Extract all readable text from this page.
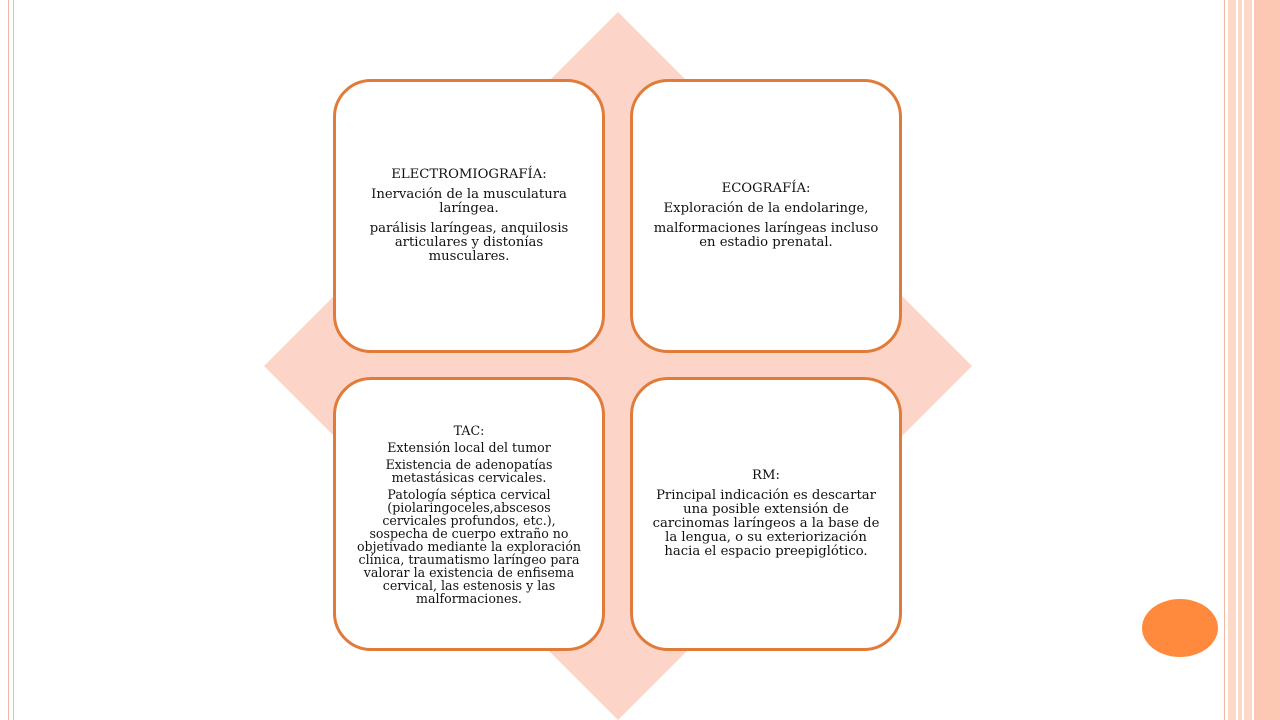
ELECTROMIOGRAFÍA:

Inervación de la musculatura laríngea.

parálisis laríngeas, anquilosis articulares y distonías musculares.

ECOGRAFÍA:

Exploración de la endolaringe,

malformaciones laríngeas incluso en estadio prenatal.

TAC:

Extensión local del tumor

Existencia de adenopatías metastásicas cervicales.

Patología séptica cervical (piolaringoceles,abscesos cervicales profundos, etc.), sospecha de cuerpo extraño no objetivado mediante la exploración clínica, traumatismo laríngeo para valorar la existencia de enfisema cervical, las estenosis y las malformaciones.

RM:

Principal indicación es descartar una posible extensión de carcinomas laríngeos a la base de la lengua, o su exteriorización hacia el espacio preepiglótico.
